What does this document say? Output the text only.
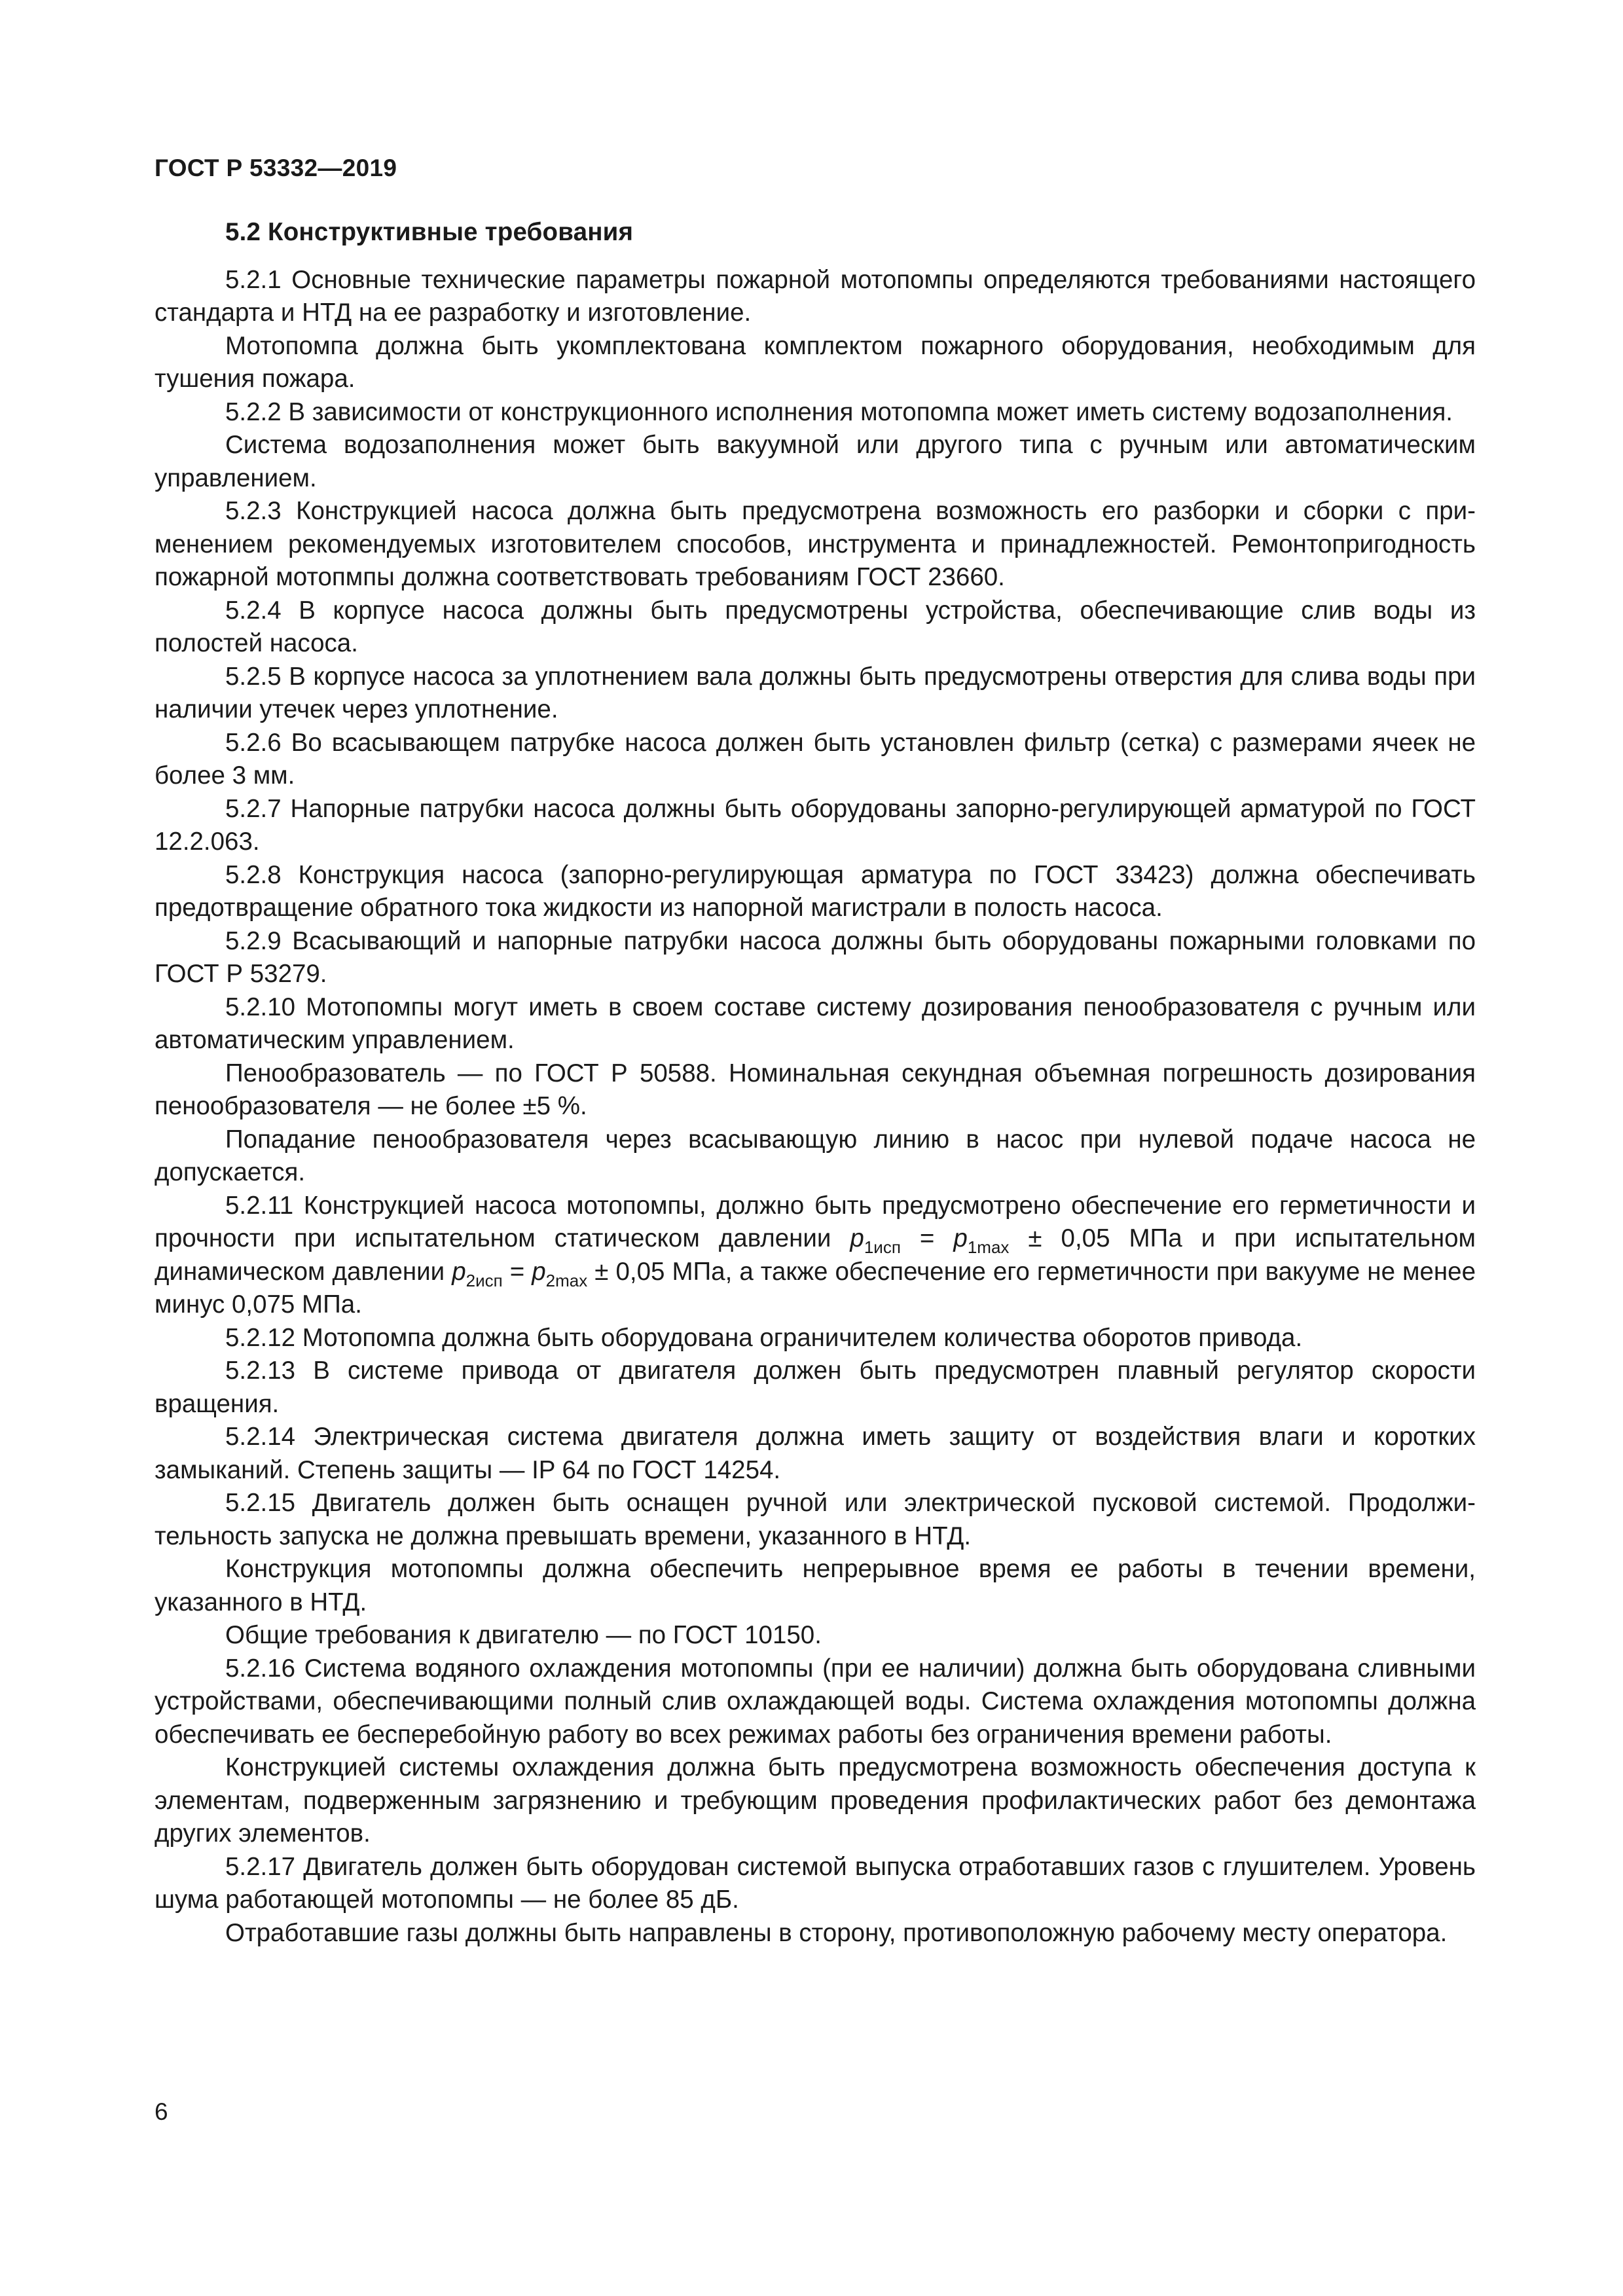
ГОСТ Р 53332—2019
5.2 Конструктивные требования

5.2.1 Основные технические параметры пожарной мотопомпы определяются требованиями настоящего стандарта и НТД на ее разработку и изготовление.

Мотопомпа должна быть укомплектована комплектом пожарного оборудования, необходимым для тушения пожара.

5.2.2 В зависимости от конструкционного исполнения мотопомпа может иметь систему водозаполнения.

Система водозаполнения может быть вакуумной или другого типа с ручным или автоматическим управлением.

5.2.3 Конструкцией насоса должна быть предусмотрена возможность его разборки и сборки с применением рекомендуемых изготовителем способов, инструмента и принадлежностей. Ремонтопригодность пожарной мотопмпы должна соответствовать требованиям ГОСТ 23660.

5.2.4 В корпусе насоса должны быть предусмотрены устройства, обеспечивающие слив воды из полостей насоса.

5.2.5 В корпусе насоса за уплотнением вала должны быть предусмотрены отверстия для слива воды при наличии утечек через уплотнение.

5.2.6 Во всасывающем патрубке насоса должен быть установлен фильтр (сетка) с размерами ячеек не более 3 мм.

5.2.7 Напорные патрубки насоса должны быть оборудованы запорно-регулирующей арматурой по ГОСТ 12.2.063.

5.2.8 Конструкция насоса (запорно-регулирующая арматура по ГОСТ 33423) должна обеспечивать предотвращение обратного тока жидкости из напорной магистрали в полость насоса.

5.2.9 Всасывающий и напорные патрубки насоса должны быть оборудованы пожарными головками по ГОСТ Р 53279.

5.2.10 Мотопомпы могут иметь в своем составе систему дозирования пенообразователя с ручным или автоматическим управлением.

Пенообразователь — по ГОСТ Р 50588. Номинальная секундная объемная погрешность дозирования пенообразователя — не более ±5 %.

Попадание пенообразователя через всасывающую линию в насос при нулевой подаче насоса не допускается.

5.2.11 Конструкцией насоса мотопомпы, должно быть предусмотрено обеспечение его герметичности и прочности при испытательном статическом давлении $p_{1исп} = p_{1max} \pm 0,05$ МПа и при испытательном динамическом давлении $p_{2исп} = p_{2max} \pm 0,05$ МПа, а также обеспечение его герметичности при вакууме не менее минус 0,075 МПа.

5.2.12 Мотопомпа должна быть оборудована ограничителем количества оборотов привода.

5.2.13 В системе привода от двигателя должен быть предусмотрен плавный регулятор скорости вращения.

5.2.14 Электрическая система двигателя должна иметь защиту от воздействия влаги и коротких замыканий. Степень защиты — IP 64 по ГОСТ 14254.

5.2.15 Двигатель должен быть оснащен ручной или электрической пусковой системой. Продолжительность запуска не должна превышать времени, указанного в НТД.

Конструкция мотопомпы должна обеспечить непрерывное время ее работы в течении времени, указанного в НТД.

Общие требования к двигателю — по ГОСТ 10150.

5.2.16 Система водяного охлаждения мотопомпы (при ее наличии) должна быть оборудована сливными устройствами, обеспечивающими полный слив охлаждающей воды. Система охлаждения мотопомпы должна обеспечивать ее бесперебойную работу во всех режимах работы без ограничения времени работы.

Конструкцией системы охлаждения должна быть предусмотрена возможность обеспечения доступа к элементам, подверженным загрязнению и требующим проведения профилактических работ без демонтажа других элементов.

5.2.17 Двигатель должен быть оборудован системой выпуска отработавших газов с глушителем. Уровень шума работающей мотопомпы — не более 85 дБ.

Отработавшие газы должны быть направлены в сторону, противоположную рабочему месту оператора.

6
